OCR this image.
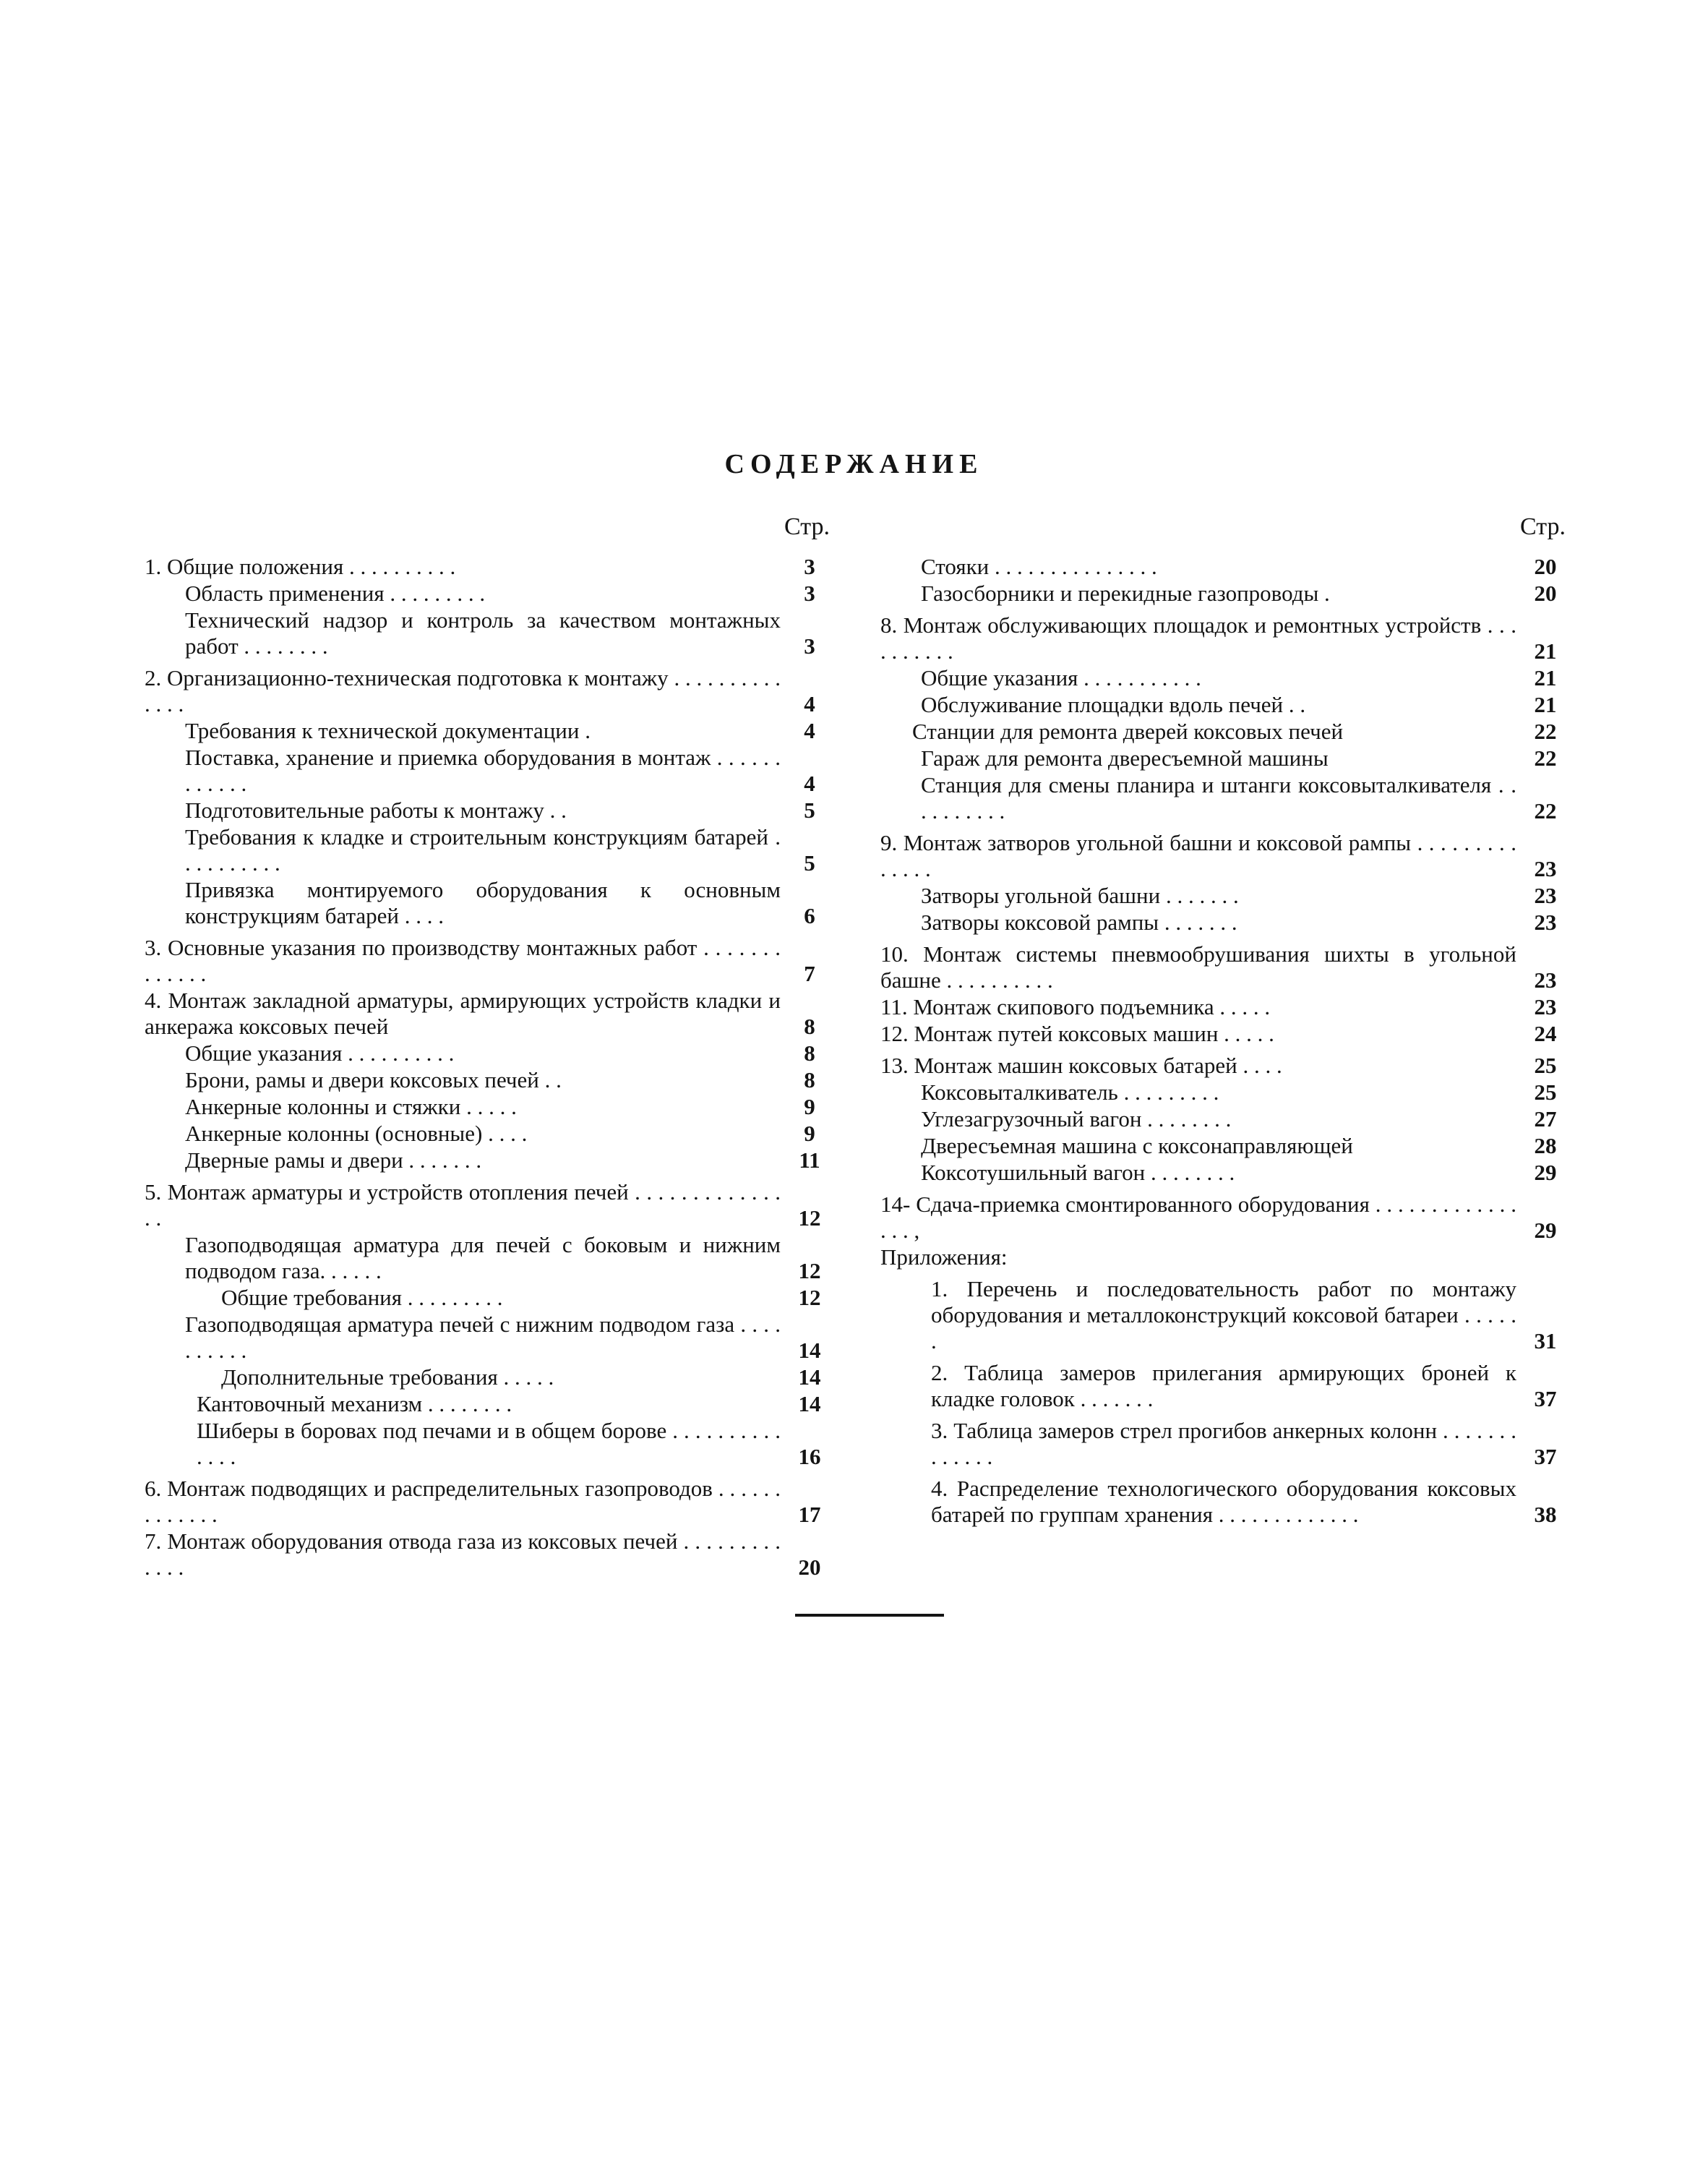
СОДЕРЖАНИЕ
Стр.
1. Общие положения . . . . . . . . . .	3
Область применения . . . . . . . . .	3
Технический надзор и контроль за качеством монтажных работ . . . . . . . .	3
2. Организационно-техническая подготовка к монтажу . . . . . . . . . . . . . .	4
Требования к технической документации .	4
Поставка, хранение и приемка оборудования в монтаж . . . . . . . . . . . .	4
Подготовительные работы к монтажу . .	5
Требования к кладке и строительным конструкциям батарей . . . . . . . . . .	5
Привязка монтируемого оборудования к основным конструкциям батарей . . . .	6
3. Основные указания по производству монтажных работ . . . . . . . . . . . . .	7
4. Монтаж закладной арматуры, армирующих устройств кладки и анкеража коксовых печей	8
Общие указания . . . . . . . . . .	8
Брони, рамы и двери коксовых печей . .	8
Анкерные колонны и стяжки . . . . .	9
Анкерные колонны (основные) . . . .	9
Дверные рамы и двери . . . . . . .	11
5. Монтаж арматуры и устройств отопления печей . . . . . . . . . . . . . . .	12
Газоподводящая арматура для печей с боковым и нижним подводом газа. . . . . .	12
Общие требования . . . . . . . . .	12
Газоподводящая арматура печей с нижним подводом газа . . . . . . . . . .	14
Дополнительные требования . . . . .	14
Кантовочный механизм . . . . . . . .	14
Шиберы в боровах под печами и в общем борове . . . . . . . . . . . . . .	16
6. Монтаж подводящих и распределительных газопроводов . . . . . . . . . . . . .	17
7. Монтаж оборудования отвода газа из коксовых печей . . . . . . . . . . . . .	20
Стр.
Стояки . . . . . . . . . . . . . . .	20
Газосборники и перекидные газопроводы .	20
8. Монтаж обслуживающих площадок и ремонтных устройств . . . . . . . . . .	21
Общие указания . . . . . . . . . . .	21
Обслуживание площадки вдоль печей . .	21
Станции для ремонта дверей коксовых печей	22
Гараж для ремонта двересъемной машины	22
Станция для смены планира и штанги коксовыталкивателя . . . . . . . . . .	22
9. Монтаж затворов угольной башни и коксовой рампы . . . . . . . . . . . . . .	23
Затворы угольной башни . . . . . . .	23
Затворы коксовой рампы . . . . . . .	23
10. Монтаж системы пневмообрушивания шихты в угольной башне . . . . . . . . . .	23
11. Монтаж скипового подъемника . . . . .	23
12. Монтаж путей коксовых машин . . . . .	24
13. Монтаж машин коксовых батарей . . . .	25
Коксовыталкиватель . . . . . . . . .	25
Углезагрузочный вагон . . . . . . . .	27
Двересъемная машина с коксонаправляющей	28
Коксотушильный вагон . . . . . . . .	29
14- Сдача-приемка смонтированного оборудования . . . . . . . . . . . . . . . . ,	29
Приложения:
1. Перечень и последовательность работ по монтажу оборудования и металлоконструкций коксовой батареи . . . . . .	31
2. Таблица замеров прилегания армирующих броней к кладке головок . . . . . . .	37
3. Таблица замеров стрел прогибов анкерных колонн . . . . . . . . . . . . .	37
4. Распределение технологического оборудования коксовых батарей по группам хранения . . . . . . . . . . . . .	38
